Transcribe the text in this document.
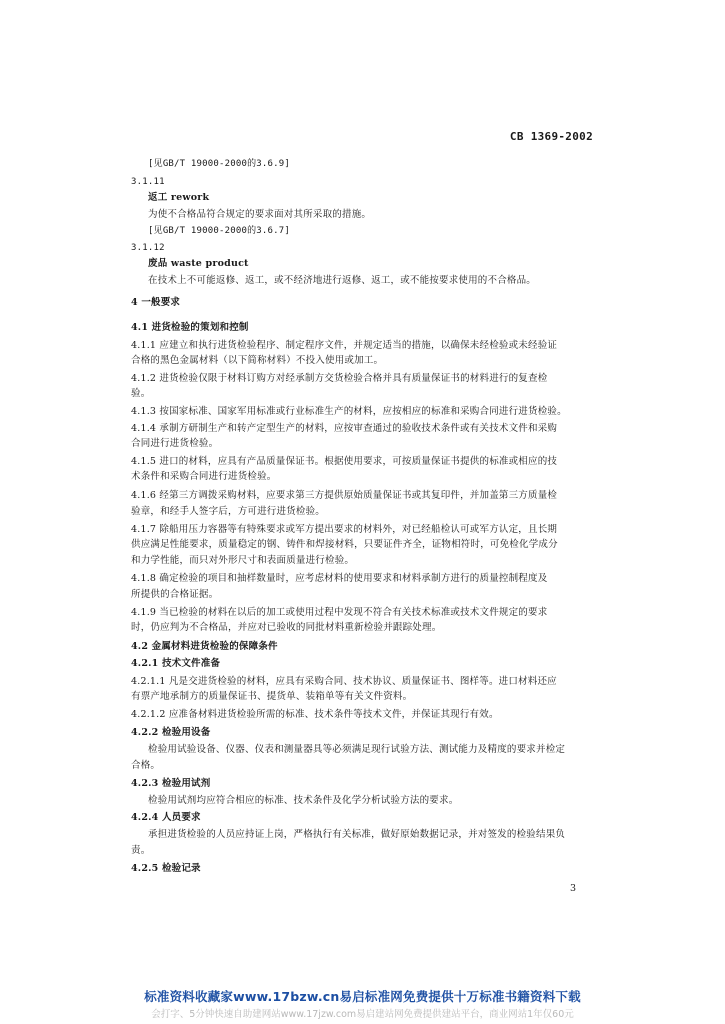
CB 1369-2002
[见GB/T 19000-2000的3.6.9]
3.1.11
返工 rework
为使不合格品符合规定的要求面对其所采取的措施。
[见GB/T 19000-2000的3.6.7]
3.1.12
废品 waste product
在技术上不可能返修、返工，或不经济地进行返修、返工，或不能按要求使用的不合格品。
4 一般要求
4.1 进货检验的策划和控制
4.1.1 应建立和执行进货检验程序、制定程序文件，并规定适当的措施，以确保未经检验或未经验证
合格的黑色金属材料（以下简称材料）不投入使用或加工。
4.1.2 进货检验仅限于材料订购方对经承制方交货检验合格并具有质量保证书的材料进行的复查检
验。
4.1.3 按国家标准、国家军用标准或行业标准生产的材料，应按相应的标准和采购合同进行进货检验。
4.1.4 承制方研制生产和转产定型生产的材料，应按审查通过的验收技术条件或有关技术文件和采购
合同进行进货检验。
4.1.5 进口的材料，应具有产品质量保证书。根据使用要求，可按质量保证书提供的标准或相应的技
术条件和采购合同进行进货检验。
4.1.6 经第三方调拨采购材料，应要求第三方提供原始质量保证书或其复印件，并加盖第三方质量检
验章，和经手人签字后，方可进行进货检验。
4.1.7 除船用压力容器等有特殊要求或军方提出要求的材料外，对已经船检认可或军方认定，且长期
供应满足性能要求，质量稳定的钢、铸件和焊接材料，只要证件齐全，证物相符时，可免检化学成分
和力学性能，而只对外形尺寸和表面质量进行检验。
4.1.8 确定检验的项目和抽样数量时，应考虑材料的使用要求和材料承制方进行的质量控制程度及
所提供的合格证据。
4.1.9 当已检验的材料在以后的加工或使用过程中发现不符合有关技术标准或技术文件规定的要求
时，仍应判为不合格品，并应对已验收的同批材料重新检验并跟踪处理。
4.2 金属材料进货检验的保障条件
4.2.1 技术文件准备
4.2.1.1 凡是交进货检验的材料，应具有采购合同、技术协议、质量保证书、图样等。进口材料还应
有票产地承制方的质量保证书、提货单、装箱单等有关文件资料。
4.2.1.2 应准备材料进货检验所需的标准、技术条件等技术文件，并保证其现行有效。
4.2.2 检验用设备
检验用试验设备、仪器、仪表和测量器具等必须满足现行试验方法、测试能力及精度的要求并检定
合格。
4.2.3 检验用试剂
检验用试剂均应符合相应的标准、技术条件及化学分析试验方法的要求。
4.2.4 人员要求
承担进货检验的人员应持证上岗，严格执行有关标准，做好原始数据记录，并对签发的检验结果负
责。
4.2.5 检验记录
3
标准资料收藏家www.17bzw.cn易启标准网免费提供十万标准书籍资料下载
会打字、5分钟快速自助建网站www.17jzw.com易启建站网免费提供建站平台，商业网站1年仅60元
